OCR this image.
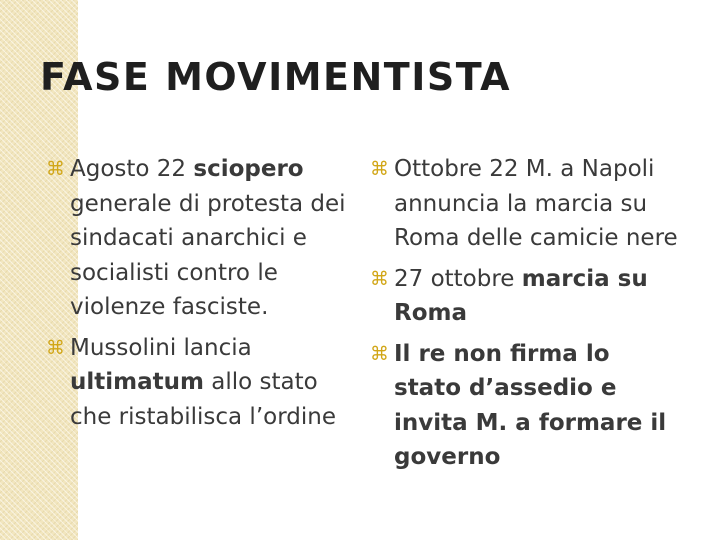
FASE MOVIMENTISTA
⌘ Agosto 22 sciopero generale di protesta dei sindacati anarchici e socialisti contro le violenze fasciste.
⌘ Mussolini lancia ultimatum allo stato che ristabilisca l’ordine
⌘ Ottobre 22 M. a Napoli annuncia la marcia su Roma delle camicie nere
⌘ 27 ottobre marcia su Roma
⌘ Il re non firma lo stato d’assedio e invita M. a formare il governo
